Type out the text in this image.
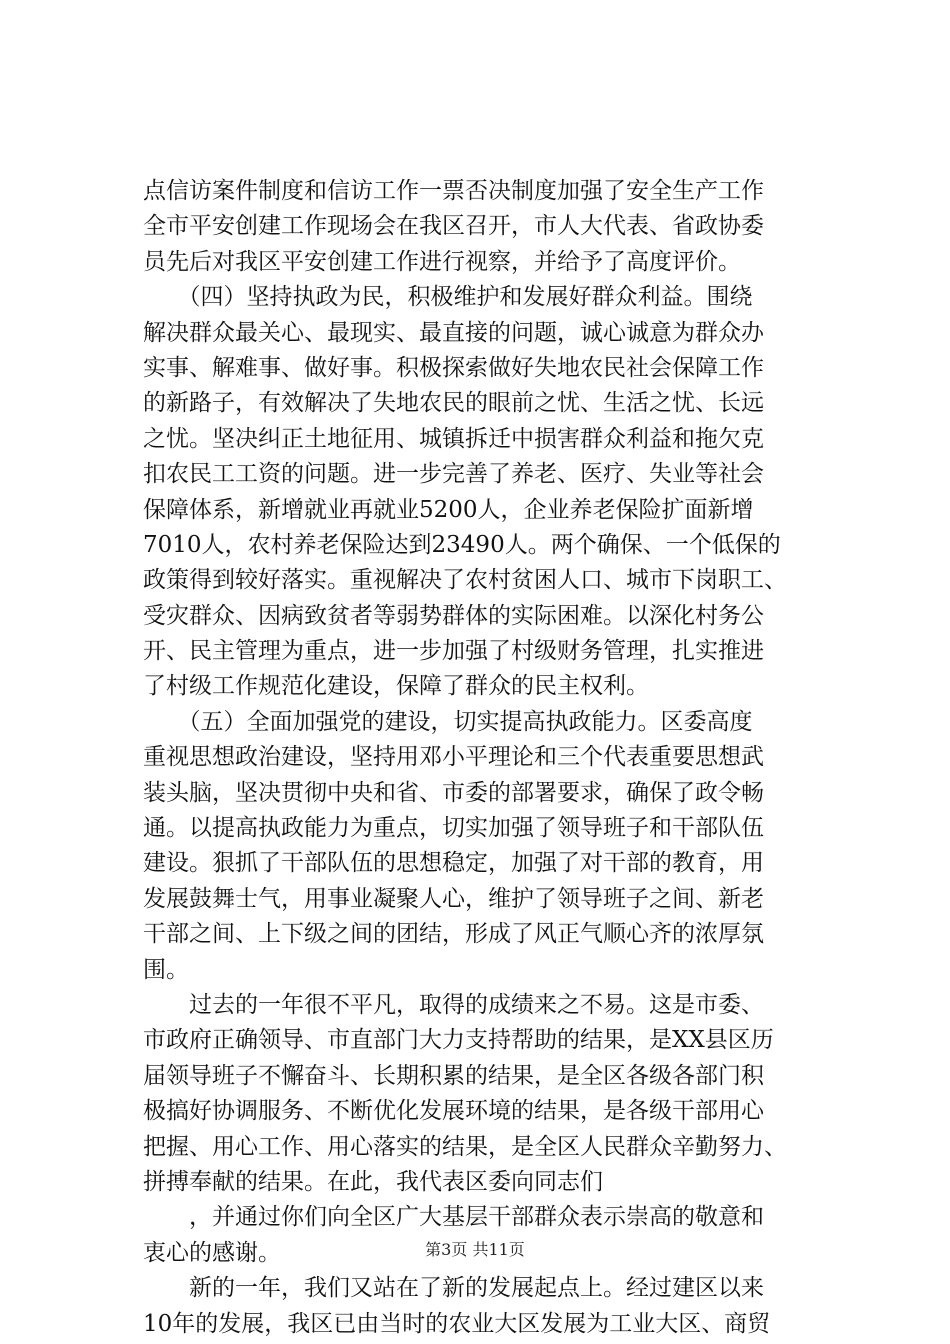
点信访案件制度和信访工作一票否决制度加强了安全生产工作
全市平安创建工作现场会在我区召开，市人大代表、省政协委
员先后对我区平安创建工作进行视察，并给予了高度评价。
　　（四）坚持执政为民，积极维护和发展好群众利益。围绕
解决群众最关心、最现实、最直接的问题，诚心诚意为群众办
实事、解难事、做好事。积极探索做好失地农民社会保障工作
的新路子，有效解决了失地农民的眼前之忧、生活之忧、长远
之忧。坚决纠正土地征用、城镇拆迁中损害群众利益和拖欠克
扣农民工工资的问题。进一步完善了养老、医疗、失业等社会
保障体系，新增就业再就业5200人，企业养老保险扩面新增
7010人，农村养老保险达到23490人。两个确保、一个低保的
政策得到较好落实。重视解决了农村贫困人口、城市下岗职工、
受灾群众、因病致贫者等弱势群体的实际困难。以深化村务公
开、民主管理为重点，进一步加强了村级财务管理，扎实推进
了村级工作规范化建设，保障了群众的民主权利。
　　（五）全面加强党的建设，切实提高执政能力。区委高度
重视思想政治建设，坚持用邓小平理论和三个代表重要思想武
装头脑，坚决贯彻中央和省、市委的部署要求，确保了政令畅
通。以提高执政能力为重点，切实加强了领导班子和干部队伍
建设。狠抓了干部队伍的思想稳定，加强了对干部的教育，用
发展鼓舞士气，用事业凝聚人心，维护了领导班子之间、新老
干部之间、上下级之间的团结，形成了风正气顺心齐的浓厚氛
围。
　　过去的一年很不平凡，取得的成绩来之不易。这是市委、
市政府正确领导、市直部门大力支持帮助的结果，是XX县区历
届领导班子不懈奋斗、长期积累的结果，是全区各级各部门积
极搞好协调服务、不断优化发展环境的结果，是各级干部用心
把握、用心工作、用心落实的结果，是全区人民群众辛勤努力、
拼搏奉献的结果。在此，我代表区委向同志们
　　，并通过你们向全区广大基层干部群众表示崇高的敬意和
衷心的感谢。
　　新的一年，我们又站在了新的发展起点上。经过建区以来
10年的发展，我区已由当时的农业大区发展为工业大区、商贸
第3页 共11页
